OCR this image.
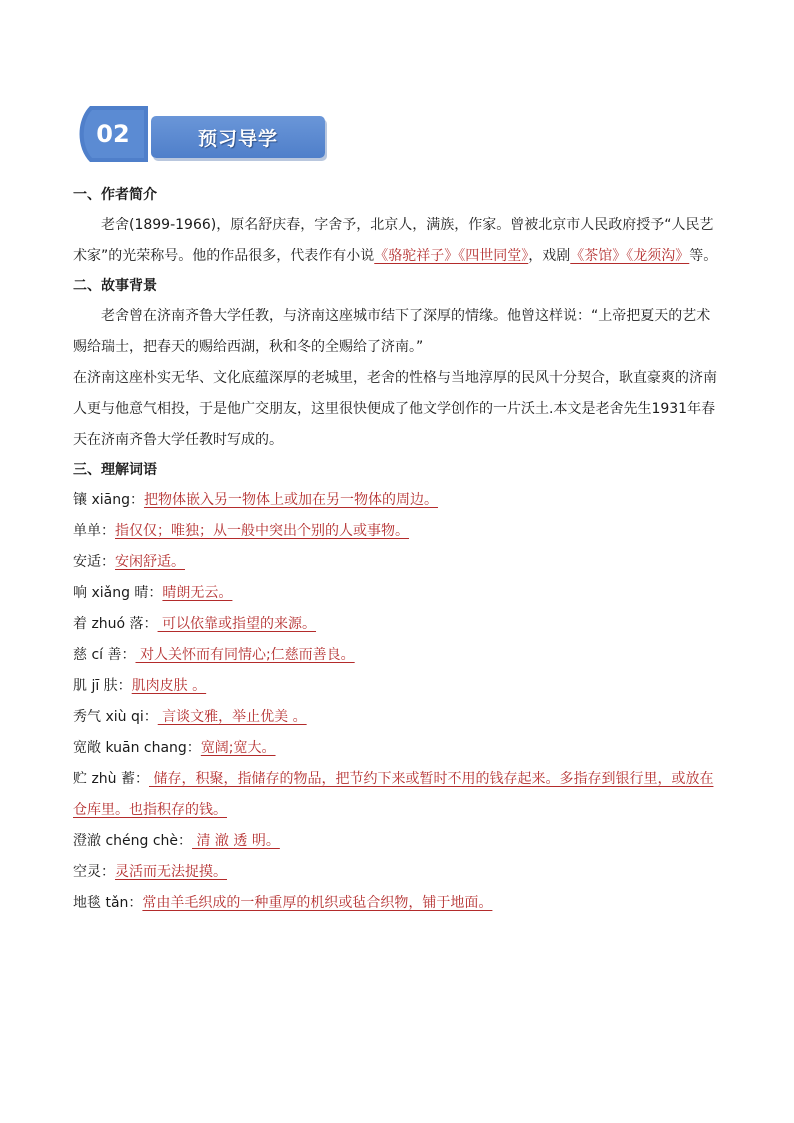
02	预习导学
一、作者简介
老舍(1899-1966)，原名舒庆春，字舍予，北京人，满族，作家。曾被北京市人民政府授予“人民艺术家”的光荣称号。他的作品很多，代表作有小说《骆驼祥子》《四世同堂》，戏剧《茶馆》《龙须沟》等。
二、故事背景
老舍曾在济南齐鲁大学任教，与济南这座城市结下了深厚的情缘。他曾这样说：“上帝把夏天的艺术赐给瑞士，把春天的赐给西湖，秋和冬的全赐给了济南。”
在济南这座朴实无华、文化底蕴深厚的老城里，老舍的性格与当地淳厚的民风十分契合，耿直豪爽的济南人更与他意气相投，于是他广交朋友，这里很快便成了他文学创作的一片沃土.本文是老舍先生1931年春天在济南齐鲁大学任教时写成的。
三、理解词语
镶 xiāng：把物体嵌入另一物体上或加在另一物体的周边。
单单：指仅仅；唯独；从一般中突出个别的人或事物。
安适：安闲舒适。
响 xiǎng 晴：晴朗无云。
着 zhuó 落： 可以依靠或指望的来源。
慈 cí 善： 对人关怀而有同情心;仁慈而善良。
肌 jī 肤：肌肉皮肤 。
秀气 xiù qi： 言谈文雅，举止优美 。
宽敞 kuān chang：宽阔;宽大。
贮 zhù 蓄： 储存，积聚，指储存的物品，把节约下来或暂时不用的钱存起来。多指存到银行里，或放在仓库里。也指积存的钱。
澄澈 chéng chè： 清 澈 透 明。
空灵：灵活而无法捉摸。
地毯 tǎn：常由羊毛织成的一种重厚的机织或毡合织物，铺于地面。
